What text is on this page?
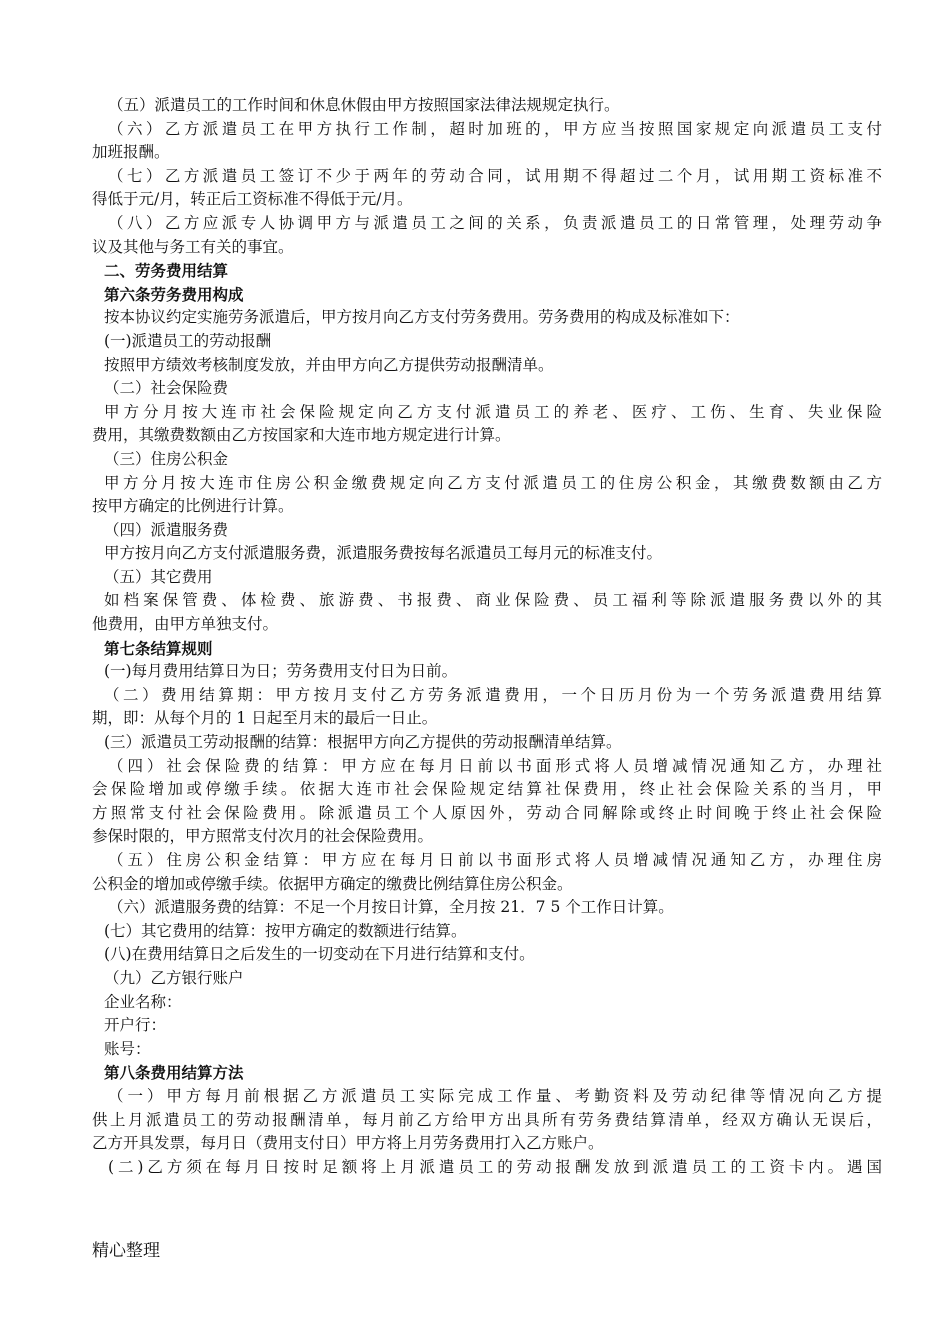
（五）派遣员工的工作时间和休息休假由甲方按照国家法律法规规定执行。
（六）乙方派遣员工在甲方执行工作制，超时加班的，甲方应当按照国家规定向派遣员工支付
加班报酬。
（七）乙方派遣员工签订不少于两年的劳动合同，试用期不得超过二个月，试用期工资标准不
得低于元/月，转正后工资标准不得低于元/月。
（八）乙方应派专人协调甲方与派遣员工之间的关系，负责派遣员工的日常管理，处理劳动争
议及其他与务工有关的事宜。
二、劳务费用结算
第六条劳务费用构成
按本协议约定实施劳务派遣后，甲方按月向乙方支付劳务费用。劳务费用的构成及标准如下：
(一)派遣员工的劳动报酬
按照甲方绩效考核制度发放，并由甲方向乙方提供劳动报酬清单。
（二）社会保险费
甲方分月按大连市社会保险规定向乙方支付派遣员工的养老、医疗、工伤、生育、失业保险
费用，其缴费数额由乙方按国家和大连市地方规定进行计算。
（三）住房公积金
甲方分月按大连市住房公积金缴费规定向乙方支付派遣员工的住房公积金，其缴费数额由乙方
按甲方确定的比例进行计算。
（四）派遣服务费
甲方按月向乙方支付派遣服务费，派遣服务费按每名派遣员工每月元的标准支付。
（五）其它费用
如档案保管费、体检费、旅游费、书报费、商业保险费、员工福利等除派遣服务费以外的其
他费用，由甲方单独支付。
第七条结算规则
(一)每月费用结算日为日；劳务费用支付日为日前。
（二）费用结算期：甲方按月支付乙方劳务派遣费用，一个日历月份为一个劳务派遣费用结算
期，即：从每个月的 1 日起至月末的最后一日止。
(三）派遣员工劳动报酬的结算：根据甲方向乙方提供的劳动报酬清单结算。
（四）社会保险费的结算：甲方应在每月日前以书面形式将人员增减情况通知乙方，办理社
会保险增加或停缴手续。依据大连市社会保险规定结算社保费用，终止社会保险关系的当月，甲
方照常支付社会保险费用。除派遣员工个人原因外，劳动合同解除或终止时间晚于终止社会保险
参保时限的，甲方照常支付次月的社会保险费用。
（五）住房公积金结算：甲方应在每月日前以书面形式将人员增减情况通知乙方，办理住房
公积金的增加或停缴手续。依据甲方确定的缴费比例结算住房公积金。
（六）派遣服务费的结算：不足一个月按日计算，全月按 21．7 5 个工作日计算。
(七）其它费用的结算：按甲方确定的数额进行结算。
(八)在费用结算日之后发生的一切变动在下月进行结算和支付。
（九）乙方银行账户
企业名称：
开户行：
账号：
第八条费用结算方法
（一）甲方每月前根据乙方派遣员工实际完成工作量、考勤资料及劳动纪律等情况向乙方提
供上月派遣员工的劳动报酬清单，每月前乙方给甲方出具所有劳务费结算清单，经双方确认无误后，
乙方开具发票，每月日（费用支付日）甲方将上月劳务费用打入乙方账户。
(二)乙方须在每月日按时足额将上月派遣员工的劳动报酬发放到派遣员工的工资卡内。遇国
精心整理
